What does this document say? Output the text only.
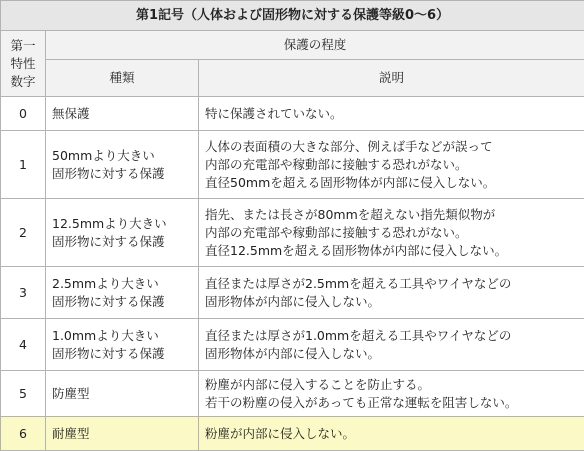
第1記号（人体および固形物に対する保護等級0〜6）		

第一
特性
数字	保護の程度	
	種類	説明
0	無保護	特に保護されていない。

1	50mmより大きい
固形物に対する保護	人体の表面積の大きな部分、例えば手などが誤って
内部の充電部や稼動部に接触する恐れがない。
直径50mmを超える固形物体が内部に侵入しない。

2	12.5mmより大きい
固形物に対する保護	指先、または長さが80mmを超えない指先類似物が
内部の充電部や稼動部に接触する恐れがない。
直径12.5mmを超える固形物体が内部に侵入しない。

3	2.5mmより大きい
固形物に対する保護	直径または厚さが2.5mmを超える工具やワイヤなどの
固形物体が内部に侵入しない。

4	1.0mmより大きい
固形物に対する保護	直径または厚さが1.0mmを超える工具やワイヤなどの
固形物体が内部に侵入しない。

5	防塵型	粉塵が内部に侵入することを防止する。
若干の粉塵の侵入があっても正常な運転を阻害しない。

6	耐塵型	粉塵が内部に侵入しない。
